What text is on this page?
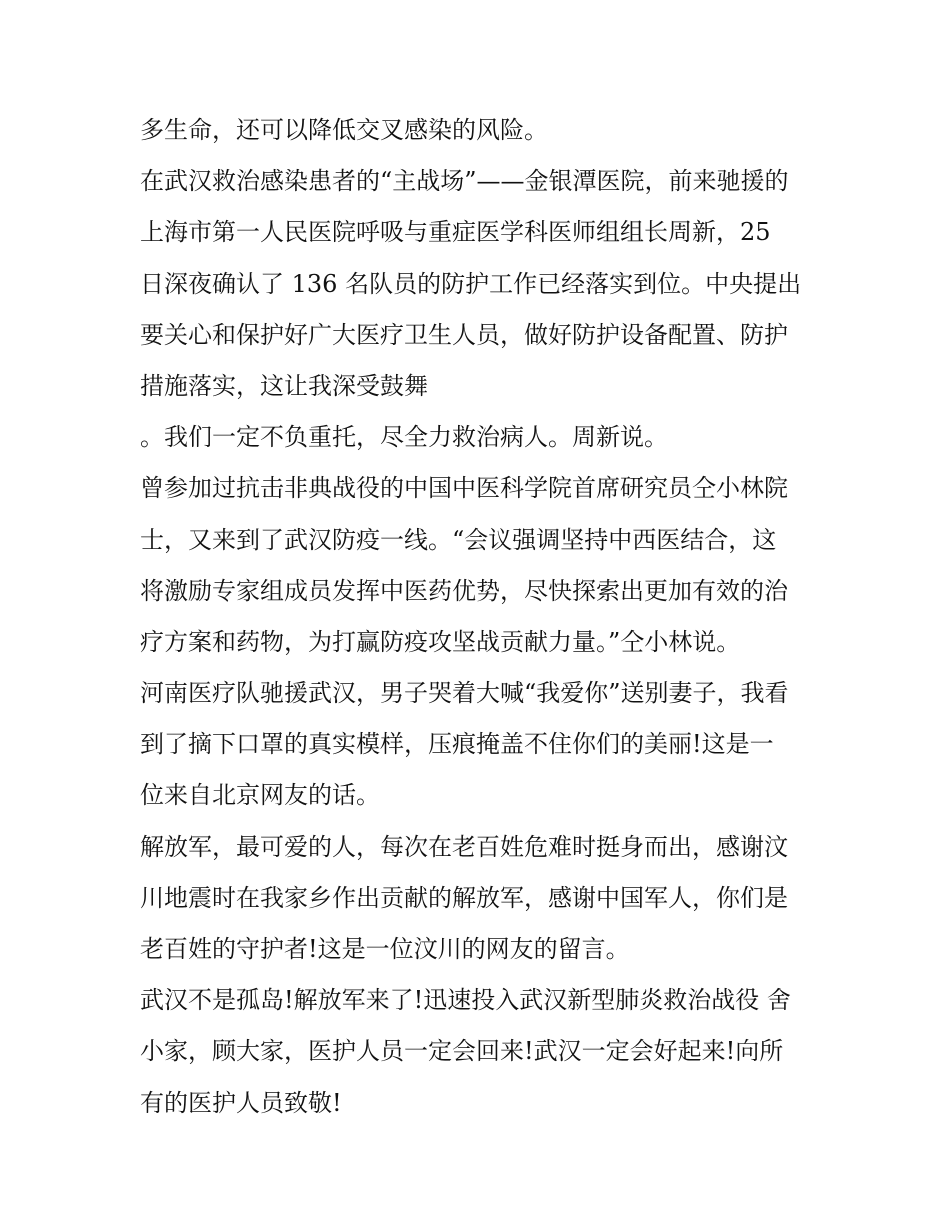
多生命，还可以降低交叉感染的风险。

在武汉救治感染患者的“主战场”——金银潭医院，前来驰援的

上海市第一人民医院呼吸与重症医学科医师组组长周新，25

日深夜确认了 136 名队员的防护工作已经落实到位。中央提出

要关心和保护好广大医疗卫生人员，做好防护设备配置、防护

措施落实，这让我深受鼓舞

。我们一定不负重托，尽全力救治病人。周新说。

曾参加过抗击非典战役的中国中医科学院首席研究员仝小林院

士，又来到了武汉防疫一线。“会议强调坚持中西医结合，这

将激励专家组成员发挥中医药优势，尽快探索出更加有效的治

疗方案和药物，为打赢防疫攻坚战贡献力量。”仝小林说。

河南医疗队驰援武汉，男子哭着大喊“我爱你”送别妻子，我看

到了摘下口罩的真实模样，压痕掩盖不住你们的美丽!这是一

位来自北京网友的话。

解放军，最可爱的人，每次在老百姓危难时挺身而出，感谢汶

川地震时在我家乡作出贡献的解放军，感谢中国军人，你们是

老百姓的守护者!这是一位汶川的网友的留言。

武汉不是孤岛!解放军来了!迅速投入武汉新型肺炎救治战役 舍

小家，顾大家，医护人员一定会回来!武汉一定会好起来!向所

有的医护人员致敬!
